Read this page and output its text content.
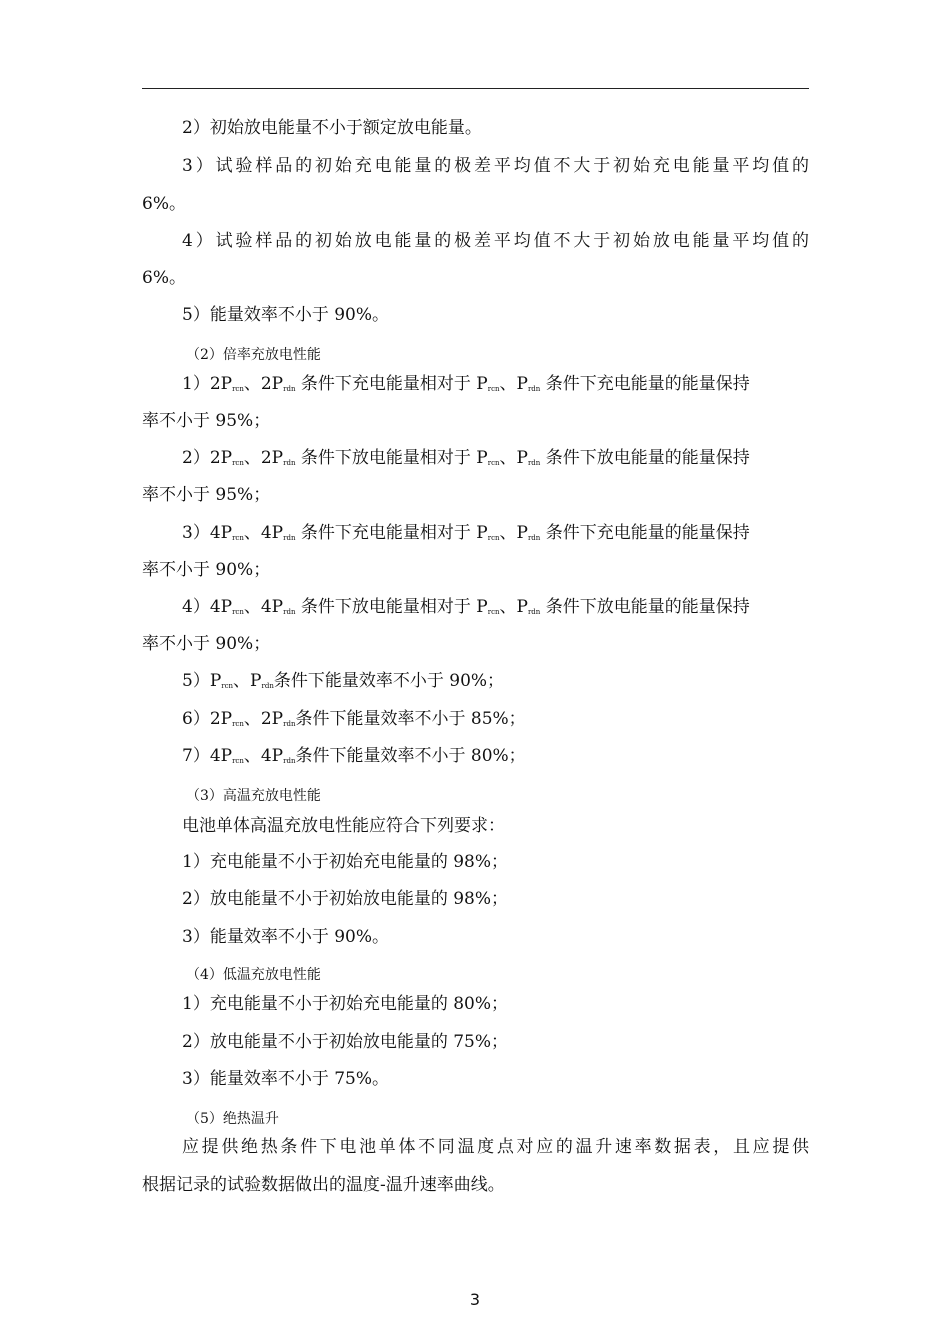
2）初始放电能量不小于额定放电能量。
3）试验样品的初始充电能量的极差平均值不大于初始充电能量平均值的
6%。
4）试验样品的初始放电能量的极差平均值不大于初始放电能量平均值的
6%。
5）能量效率不小于 90%。
（2）倍率充放电性能
$1)2P_{rcn}$、$2P_{rdn}$ 条件下充电能量相对于 $P_{rcn}$、$P_{rdn}$ 条件下充电能量的能量保持
率不小于 95%；
$2)2P_{rcn}$、$2P_{rdn}$ 条件下放电能量相对于 $P_{rcn}$、$P_{rdn}$ 条件下放电能量的能量保持
率不小于 95%；
$3)4P_{rcn}$、$4P_{rdn}$ 条件下充电能量相对于 $P_{rcn}$、$P_{rdn}$ 条件下充电能量的能量保持
率不小于 90%；
$4)4P_{rcn}$、$4P_{rdn}$ 条件下放电能量相对于 $P_{rcn}$、$P_{rdn}$ 条件下放电能量的能量保持
率不小于 90%；
$5)P_{rcn}$、$P_{rdn}$条件下能量效率不小于 90%；
$6)2P_{rcn}$、$2P_{rdn}$条件下能量效率不小于 85%；
$7)4P_{rcn}$、$4P_{rdn}$条件下能量效率不小于 80%；
（3）高温充放电性能
电池单体高温充放电性能应符合下列要求：
1）充电能量不小于初始充电能量的 98%；
2）放电能量不小于初始放电能量的 98%；
3）能量效率不小于 90%。
（4）低温充放电性能
1）充电能量不小于初始充电能量的 80%；
2）放电能量不小于初始放电能量的 75%；
3）能量效率不小于 75%。
（5）绝热温升
应提供绝热条件下电池单体不同温度点对应的温升速率数据表，且应提供
根据记录的试验数据做出的温度-温升速率曲线。
3
